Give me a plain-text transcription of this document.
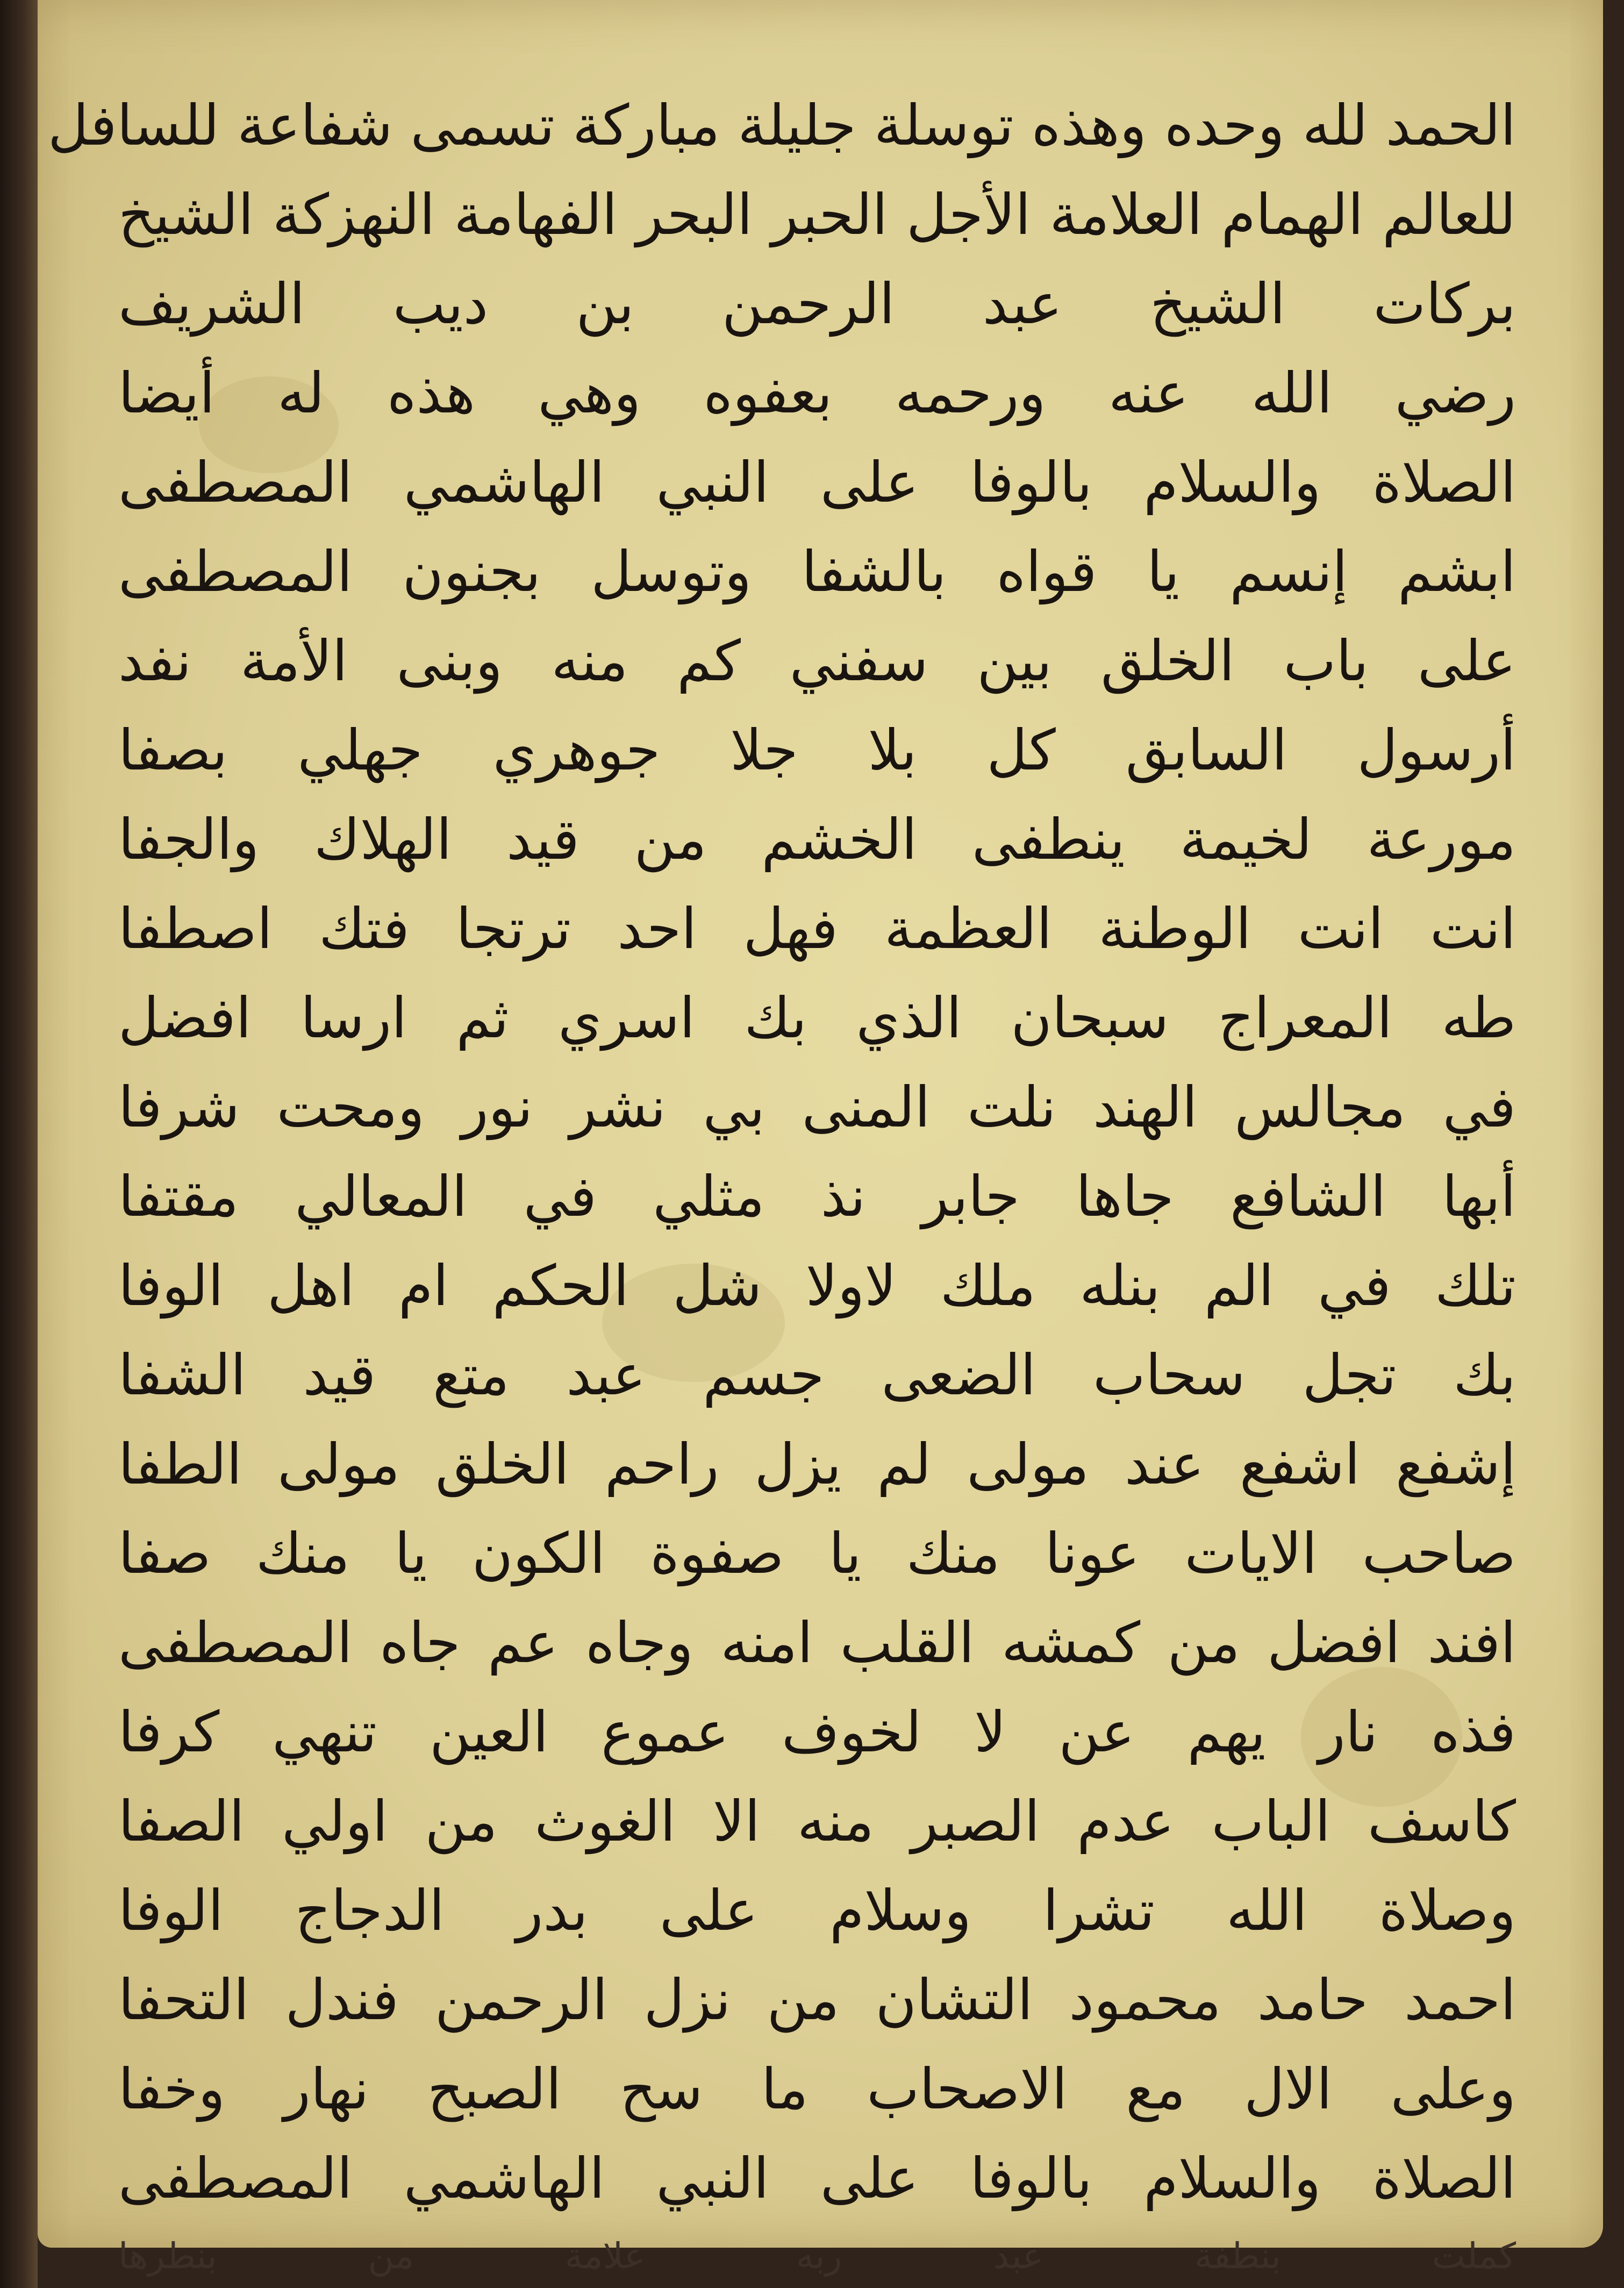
الحمد لله وحده وهذه توسلة جليلة مباركة تسمى شفاعة للسافل
للعالم الهمام العلامة الأجل الحبر البحر الفهامة النهزكة الشيخ
بركات الشيخ عبد الرحمن بن ديب الشريف
رضي الله عنه ورحمه بعفوه وهي هذه له أيضا
الصلاة والسلام بالوفا على النبي الهاشمي المصطفى
ابشم إنسم يا قواه بالشفا وتوسل بجنون المصطفى
على باب الخلق بين سفني كم منه وبنى الأمة نفد
أرسول السابق كل بلا جلا جوهري جهلي بصفا
مورعة لخيمة ينطفى الخشم من قيد الهلاك والجفا
انت انت الوطنة العظمة فهل احد ترتجا فتك اصطفا
طه المعراج سبحان الذي بك اسري ثم ارسا افضل
في مجالس الهند نلت المنى بي نشر نور ومحت شرفا
أبها الشافع جاها جابر نذ مثلي في المعالي مقتفا
تلك في الم بنله ملك لاولا شل الحكم ام اهل الوفا
بك تجل سحاب الضعى جسم عبد متع قيد الشفا
إشفع اشفع عند مولى لم يزل راحم الخلق مولى الطفا
صاحب الايات عونا منك يا صفوة الكون يا منك صفا
افند افضل من كمشه القلب امنه وجاه عم جاه المصطفى
فذه نار يهم عن لا لخوف عموع العين تنهي كرفا
كاسف الباب عدم الصبر منه الا الغوث من اولي الصفا
وصلاة الله تشرا وسلام على بدر الدجاج الوفا
احمد حامد محمود التشان من نزل الرحمن فندل التحفا
وعلى الال مع الاصحاب ما سح الصبح نهار وخفا
الصلاة والسلام بالوفا على النبي الهاشمي المصطفى
كملت بنطفة عبد ربه علامة من بنطرها
